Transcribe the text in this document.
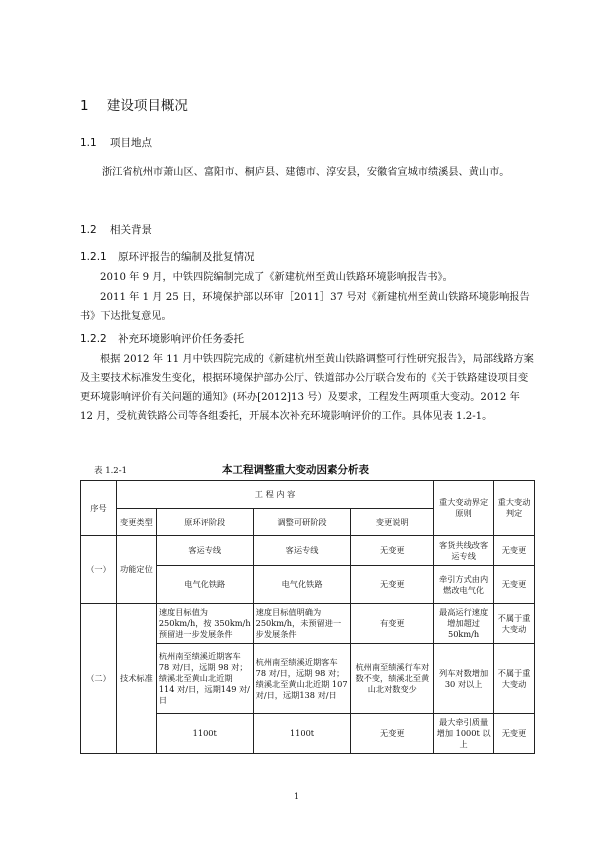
1 建设项目概况
1.1 项目地点
浙江省杭州市萧山区、富阳市、桐庐县、建德市、淳安县，安徽省宣城市绩溪县、黄山市。
1.2 相关背景
1.2.1 原环评报告的编制及批复情况
2010 年 9 月，中铁四院编制完成了《新建杭州至黄山铁路环境影响报告书》。
2011 年 1 月 25 日，环境保护部以环审［2011］37 号对《新建杭州至黄山铁路环境影响报告书》下达批复意见。
1.2.2 补充环境影响评价任务委托
根据 2012 年 11 月中铁四院完成的《新建杭州至黄山铁路调整可行性研究报告》，局部线路方案及主要技术标准发生变化，根据环境保护部办公厅、铁道部办公厅联合发布的《关于铁路建设项目变更环境影响评价有关问题的通知》(环办[2012]13 号）及要求，工程发生两项重大变动。2012 年 12 月，受杭黄铁路公司等各组委托，开展本次补充环境影响评价的工作。具体见表 1.2-1。
表 1.2-1	本工程调整重大变动因素分析表
序号	工 程 内 容				重大变动界定原则	重大变动判定
	变更类型	原环评阶段	调整可研阶段	变更说明		
（一）	功能定位	客运专线	客运专线	无变更	客货共线改客运专线	无变更
		电气化铁路	电气化铁路	无变更	牵引方式由内燃改电气化	无变更
（二）	技术标准	速度目标值为250km/h，按 350km/h 预留进一步发展条件	速度目标值明确为250km/h，未预留进一步发展条件	有变更	最高运行速度增加超过50km/h	不属于重大变动
		杭州南至绩溪近期客车 78 对/日，远期 98 对；绩溪北至黄山北近期 114 对/日，远期149 对/日	杭州南至绩溪近期客车 78 对/日，远期 98 对；绩溪北至黄山北近期 107 对/日，远期138 对/日	杭州南至绩溪行车对数不变，绩溪北至黄山北对数变少	列车对数增加 30 对以上	不属于重大变动
		1100t	1100t	无变更	最大牵引质量增加 1000t 以上	无变更
1
